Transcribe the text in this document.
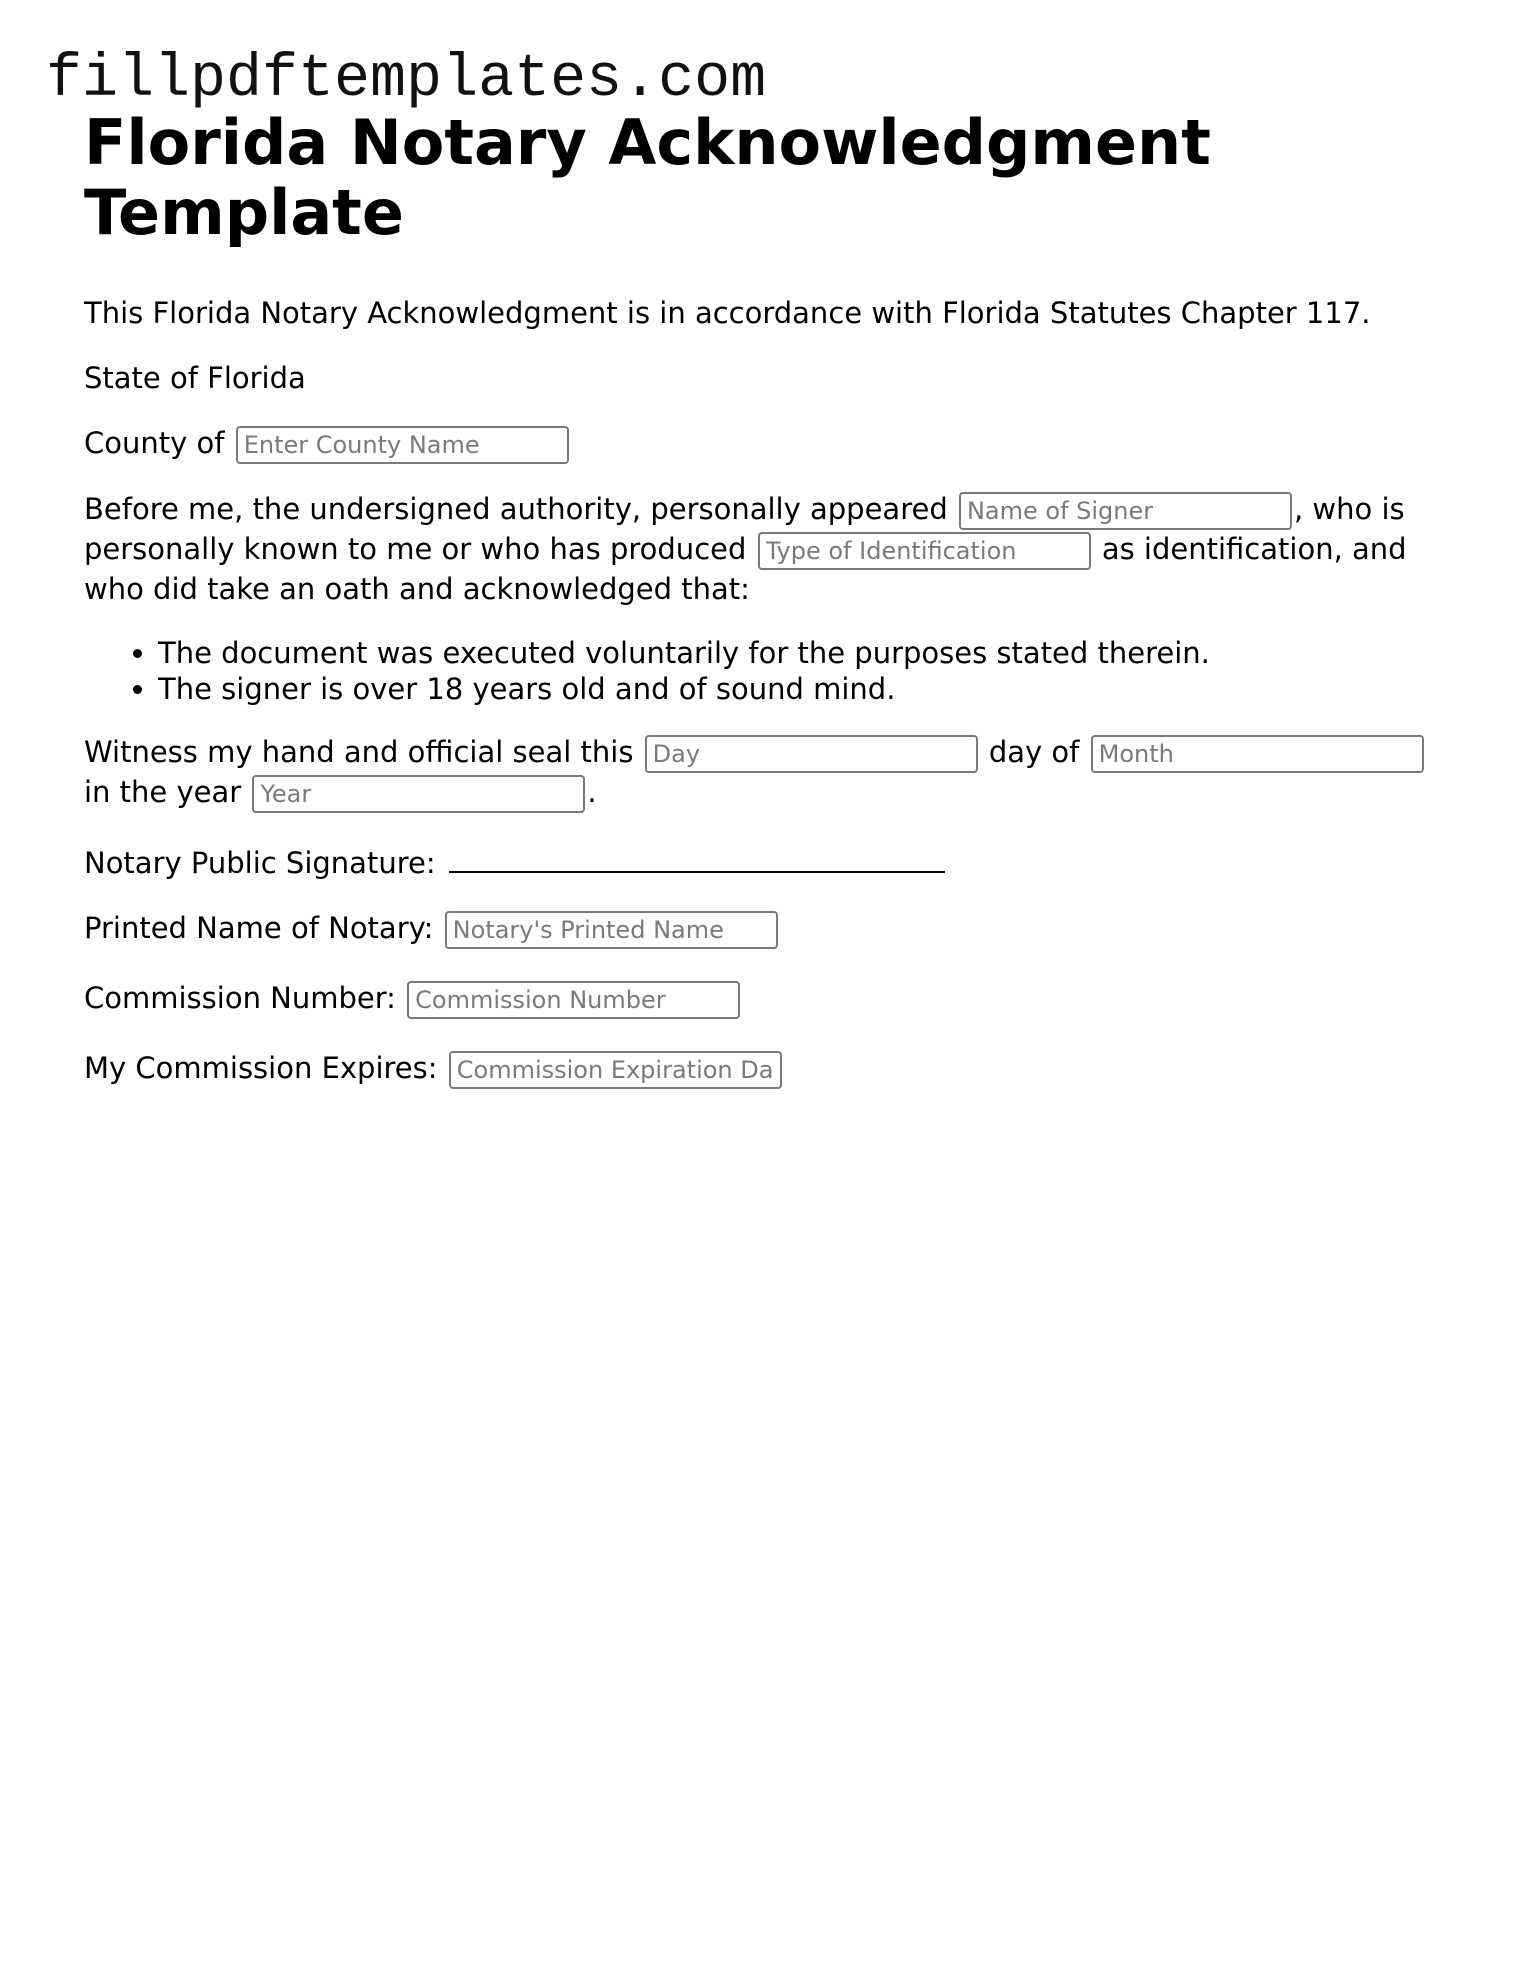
fillpdftemplates.com
Florida Notary Acknowledgment Template

This Florida Notary Acknowledgment is in accordance with Florida Statutes Chapter 117.

State of Florida

County of Enter County Name

Before me, the undersigned authority, personally appeared Name of Signer	, who is personally known to me or who has produced Type of Identification	as identification, and who did take an oath and acknowledged that:

• The document was executed voluntarily for the purposes stated therein.
• The signer is over 18 years old and of sound mind.

Witness my hand and official seal this Day	day of Month in the year Year	.

Notary Public Signature:

Printed Name of Notary: Notary's Printed Name

Commission Number: Commission Number

My Commission Expires: Commission Expiration Date
